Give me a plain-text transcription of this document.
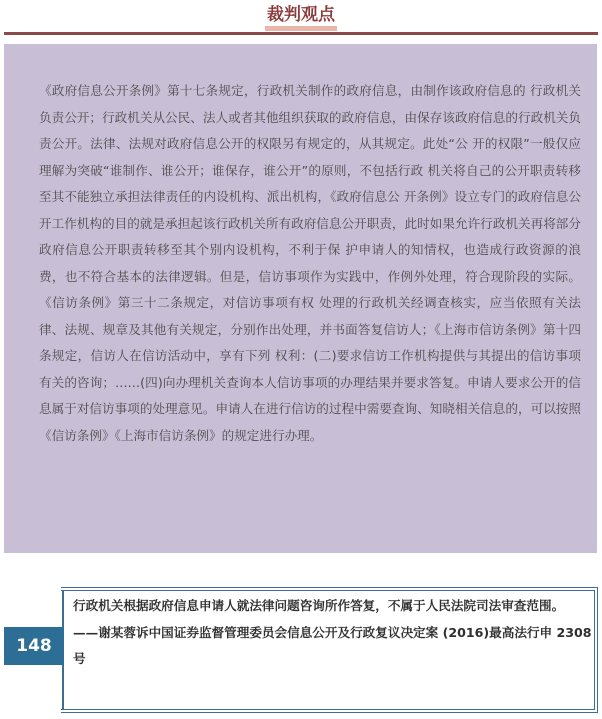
裁判观点

《政府信息公开条例》第十七条规定，行政机关制作的政府信息，由制作该政府信息的 行政机关负责公开；行政机关从公民、法人或者其他组织获取的政府信息，由保存该政府信息的行政机关负责公开。法律、法规对政府信息公开的权限另有规定的，从其规定。此处“公 开的权限”一般仅应理解为突破“谁制作、谁公开；谁保存，谁公开”的原则，不包括行政 机关将自己的公开职责转移至其不能独立承担法律责任的内设机构、派出机构，《政府信息公 开条例》设立专门的政府信息公开工作机构的目的就是承担起该行政机关所有政府信息公开职责，此时如果允许行政机关再将部分政府信息公开职责转移至其个别内设机构，不利于保 护申请人的知情权，也造成行政资源的浪费，也不符合基本的法律逻辑。但是，信访事项作为实践中，作例外处理，符合现阶段的实际。《信访条例》第三十二条规定，对信访事项有权 处理的行政机关经调查核实，应当依照有关法律、法规、规章及其他有关规定，分别作出处理，并书面答复信访人；《上海市信访条例》第十四条规定，信访人在信访活动中，享有下列 权利：(二)要求信访工作机构提供与其提出的信访事项有关的咨询；……(四)向办理机关查询本人信访事项的办理结果并要求答复。申请人要求公开的信息属于对信访事项的处理意见。申请人在进行信访的过程中需要查询、知晓相关信息的，可以按照《信访条例》《上海市信访条例》的规定进行办理。

148

行政机关根据政府信息申请人就法律问题咨询所作答复，不属于人民法院司法审查范围。

——谢某蓉诉中国证券监督管理委员会信息公开及行政复议决定案 (2016)最高法行申 2308 号
